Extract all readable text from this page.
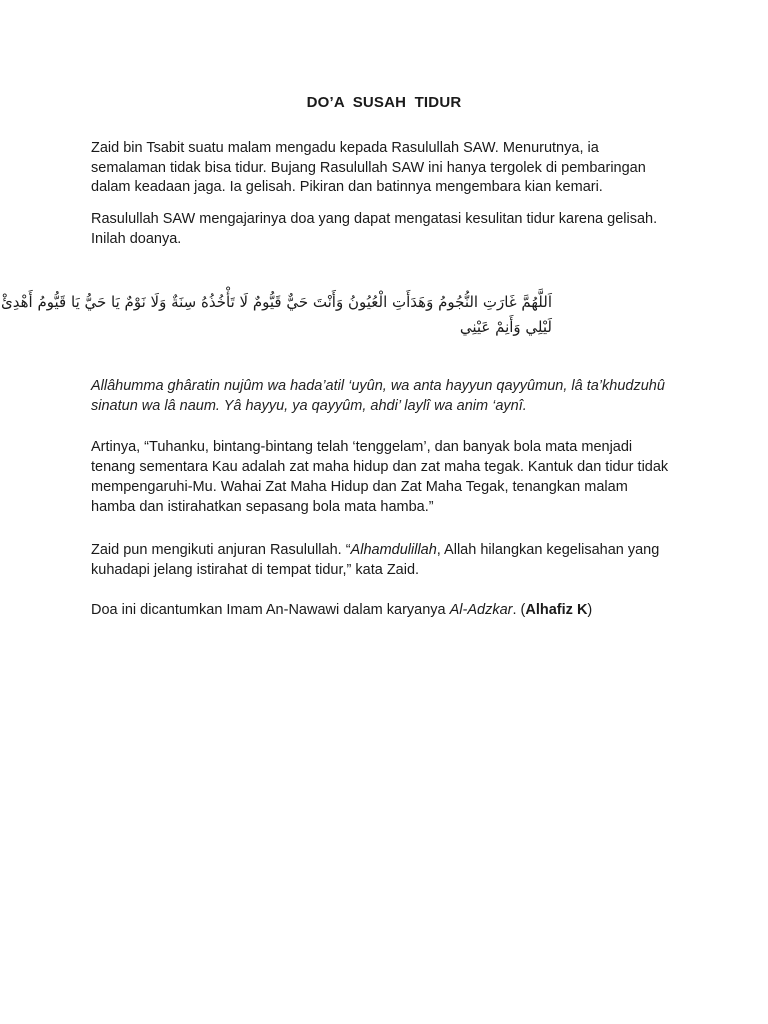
DO’A SUSAH TIDUR

Zaid bin Tsabit suatu malam mengadu kepada Rasulullah SAW. Menurutnya, ia semalaman tidak bisa tidur. Bujang Rasulullah SAW ini hanya tergolek di pembaringan dalam keadaan jaga. Ia gelisah. Pikiran dan batinnya mengembara kian kemari.

Rasulullah SAW mengajarinya doa yang dapat mengatasi kesulitan tidur karena gelisah. Inilah doanya.

اَللَّهُمَّ غَارَتِ النُّجُومُ وَهَدَأَتِ الْعُيُونُ وَأَنْتَ حَيٌّ قَيُّومٌ لَا تَأْخُذُهُ سِنَةٌ وَلَا نَوْمٌ يَا حَيُّ يَا قَيُّومُ أَهْدِئْ لَيْلِي وَأَنِمْ عَيْنِي

Allâhumma ghâratin nujûm wa hada’atil ‘uyûn, wa anta hayyun qayyûmun, lâ ta’khudzuhû sinatun wa lâ naum. Yâ hayyu, ya qayyûm, ahdi’ laylî wa anim ‘aynî.

Artinya, “Tuhanku, bintang-bintang telah ‘tenggelam’, dan banyak bola mata menjadi tenang sementara Kau adalah zat maha hidup dan zat maha tegak. Kantuk dan tidur tidak mempengaruhi-Mu. Wahai Zat Maha Hidup dan Zat Maha Tegak, tenangkan malam hamba dan istirahatkan sepasang bola mata hamba.”

Zaid pun mengikuti anjuran Rasulullah. “Alhamdulillah, Allah hilangkan kegelisahan yang kuhadapi jelang istirahat di tempat tidur,” kata Zaid.

Doa ini dicantumkan Imam An-Nawawi dalam karyanya Al-Adzkar. (Alhafiz K)
